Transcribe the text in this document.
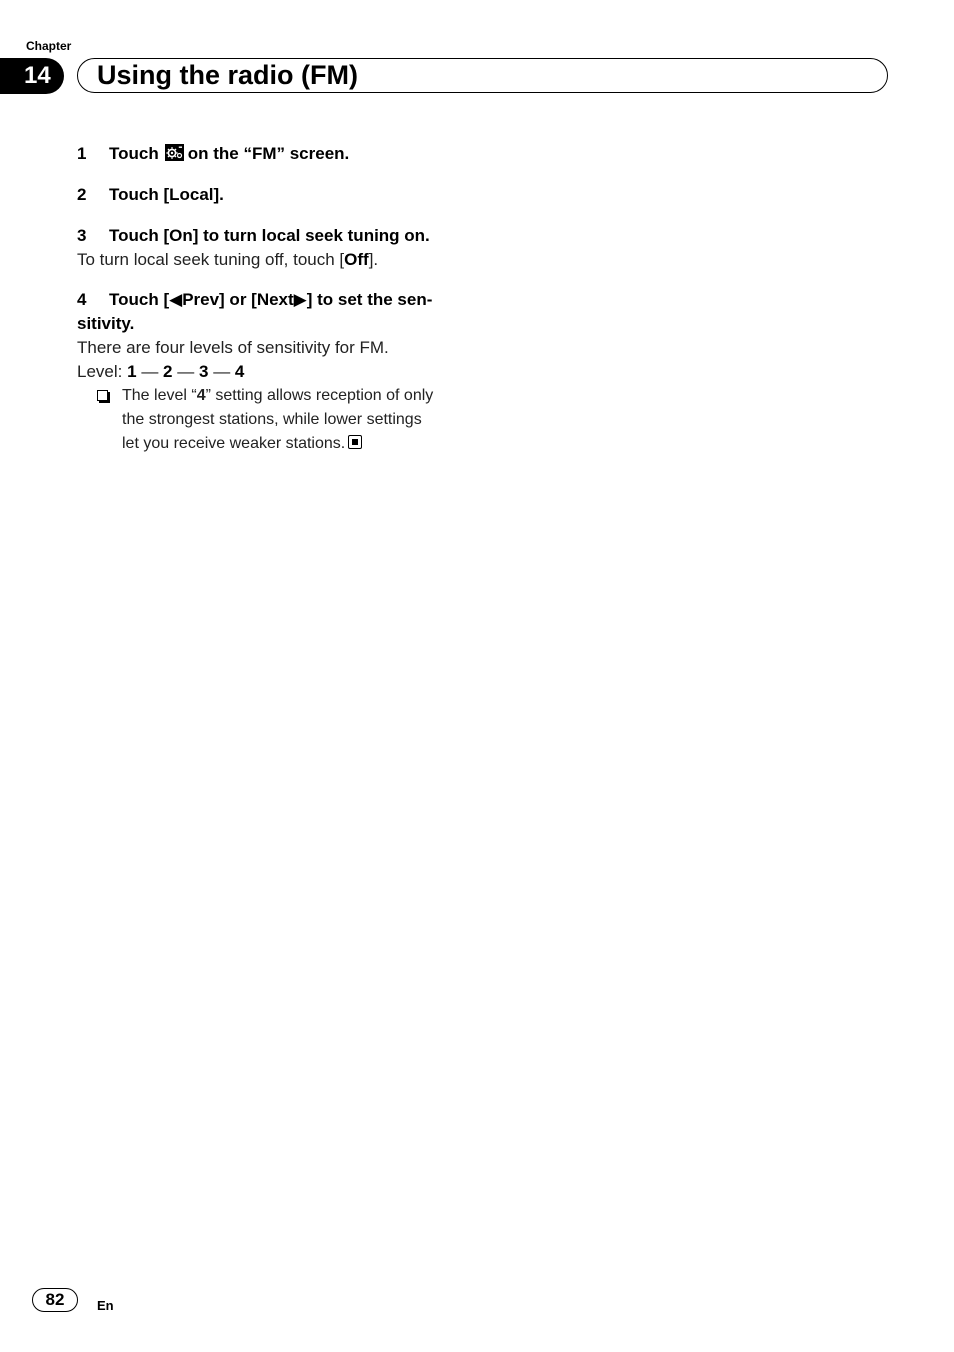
Chapter
14	Using the radio (FM)
1 Touch on the “FM” screen.
2 Touch [Local].
3 Touch [On] to turn local seek tuning on.
To turn local seek tuning off, touch [Off].
4 Touch [◀Prev] or [Next▶] to set the sen-
sitivity.
There are four levels of sensitivity for FM.
Level: 1 — 2 — 3 — 4
The level “4” setting allows reception of only
the strongest stations, while lower settings
let you receive weaker stations.
82	En
